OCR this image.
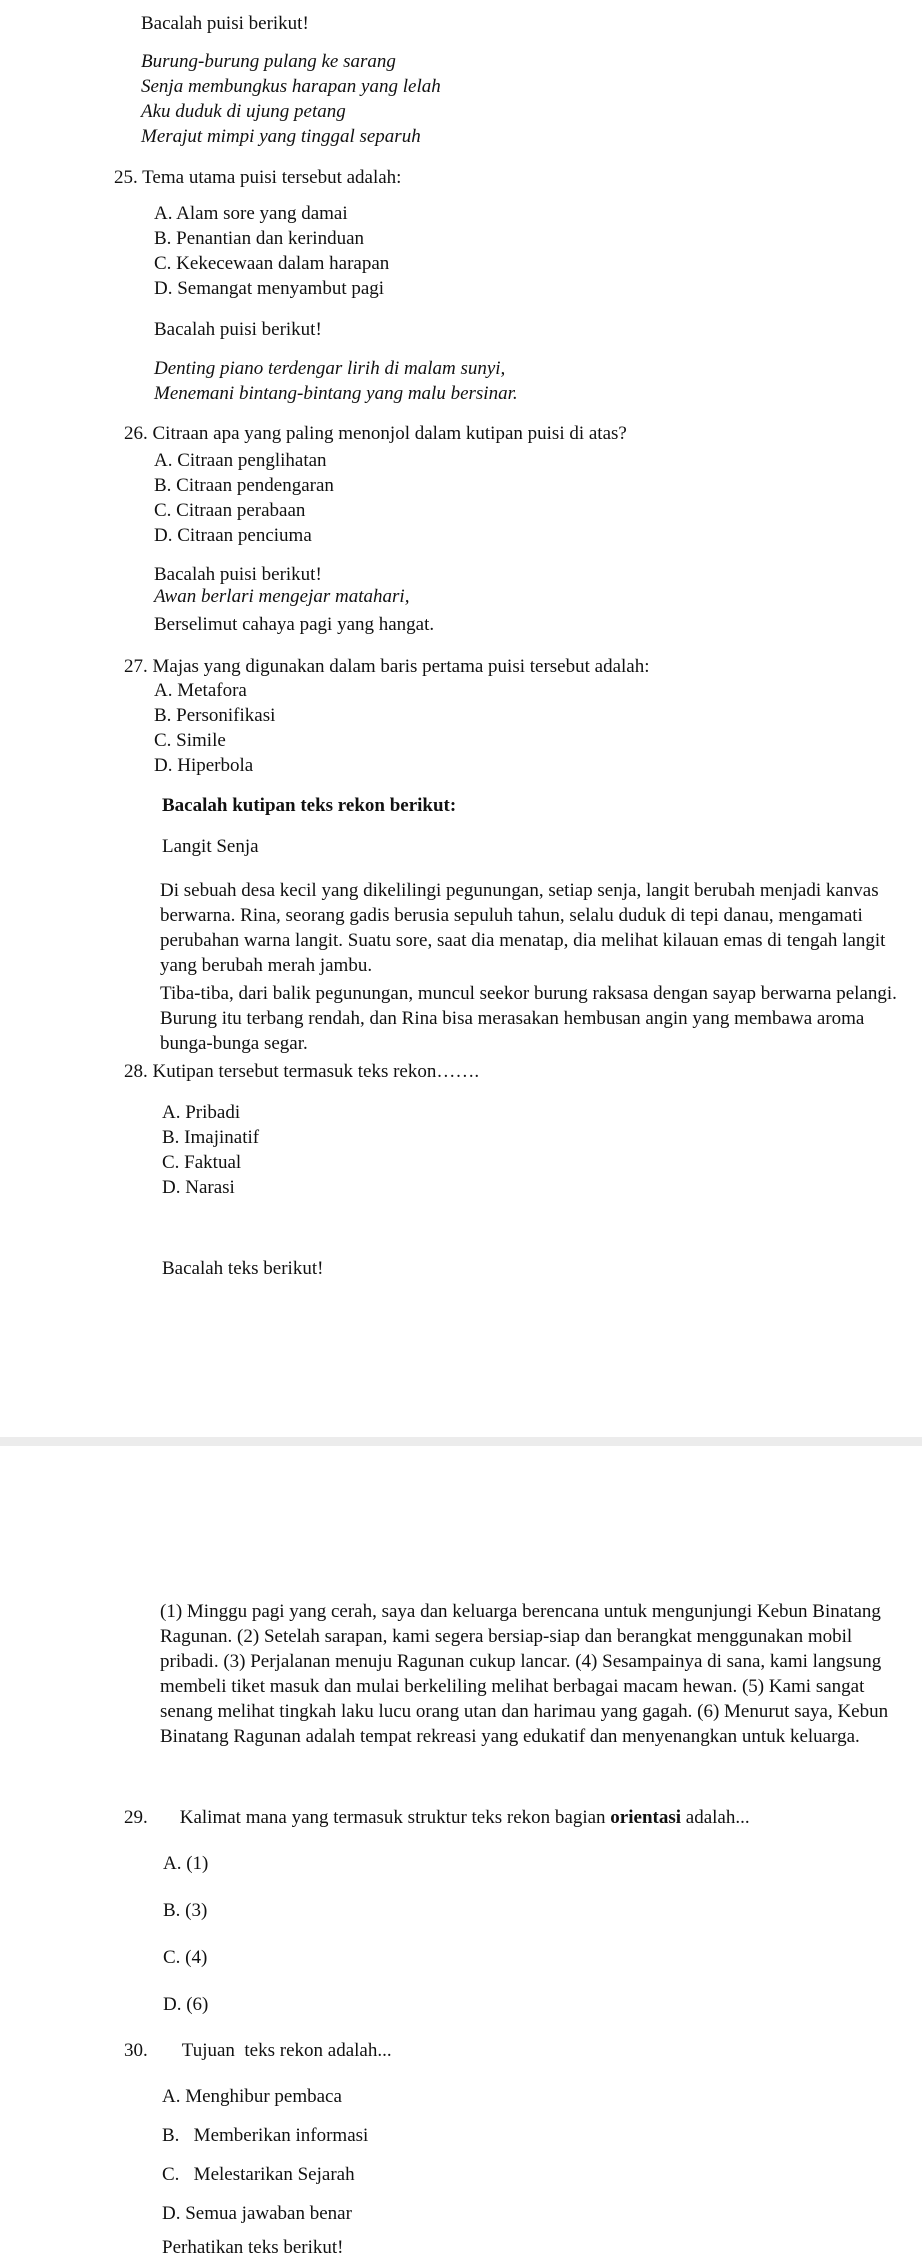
Bacalah puisi berikut!
Burung-burung pulang ke sarang
Senja membungkus harapan yang lelah
Aku duduk di ujung petang
Merajut mimpi yang tinggal separuh
25. Tema utama puisi tersebut adalah:
A. Alam sore yang damai
B. Penantian dan kerinduan
C. Kekecewaan dalam harapan
D. Semangat menyambut pagi
Bacalah puisi berikut!
Denting piano terdengar lirih di malam sunyi,
Menemani bintang-bintang yang malu bersinar.
26. Citraan apa yang paling menonjol dalam kutipan puisi di atas?
A. Citraan penglihatan
B. Citraan pendengaran
C. Citraan perabaan
D. Citraan penciuma
Bacalah puisi berikut!
Awan berlari mengejar matahari,
Berselimut cahaya pagi yang hangat.
27. Majas yang digunakan dalam baris pertama puisi tersebut adalah:
A. Metafora
B. Personifikasi
C. Simile
D. Hiperbola
Bacalah kutipan teks rekon berikut:
Langit Senja
Di sebuah desa kecil yang dikelilingi pegunungan, setiap senja, langit berubah menjadi kanvas berwarna. Rina, seorang gadis berusia sepuluh tahun, selalu duduk di tepi danau, mengamati perubahan warna langit. Suatu sore, saat dia menatap, dia melihat kilauan emas di tengah langit yang berubah merah jambu.
Tiba-tiba, dari balik pegunungan, muncul seekor burung raksasa dengan sayap berwarna pelangi. Burung itu terbang rendah, dan Rina bisa merasakan hembusan angin yang membawa aroma bunga-bunga segar.
28. Kutipan tersebut termasuk teks rekon…….
A. Pribadi
B. Imajinatif
C. Faktual
D. Narasi
Bacalah teks berikut!
(1) Minggu pagi yang cerah, saya dan keluarga berencana untuk mengunjungi Kebun Binatang Ragunan. (2) Setelah sarapan, kami segera bersiap-siap dan berangkat menggunakan mobil pribadi. (3) Perjalanan menuju Ragunan cukup lancar. (4) Sesampainya di sana, kami langsung membeli tiket masuk dan mulai berkeliling melihat berbagai macam hewan. (5) Kami sangat senang melihat tingkah laku lucu orang utan dan harimau yang gagah. (6) Menurut saya, Kebun Binatang Ragunan adalah tempat rekreasi yang edukatif dan menyenangkan untuk keluarga.
29. Kalimat mana yang termasuk struktur teks rekon bagian orientasi adalah...
A. (1)
B. (3)
C. (4)
D. (6)
30. Tujuan  teks rekon adalah...
A. Menghibur pembaca
B.   Memberikan informasi
C.   Melestarikan Sejarah
D. Semua jawaban benar
Perhatikan teks berikut!
